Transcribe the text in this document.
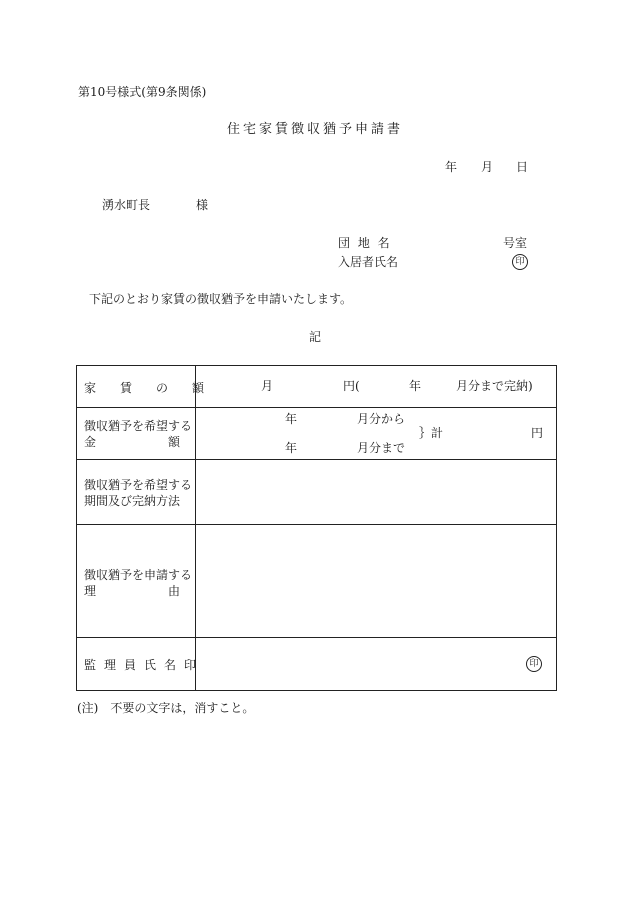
第10号様式(第9条関係)
住宅家賃徴収猶予申請書
年 月 日
湧水町長	様
団 地 名	号室
入居者氏名	印
下記のとおり家賃の徴収猶予を申請いたします。
記
家　賃　の　額	月	円(	年	月分まで完納)
徴収猶予を希望する
金　　　　　　額
年	月分から
｝計	円
年	月分まで
徴収猶予を希望する
期間及び完納方法
徴収猶予を申請する
理　　　　　　由
監理員氏名印	印
(注)　不要の文字は，消すこと。
